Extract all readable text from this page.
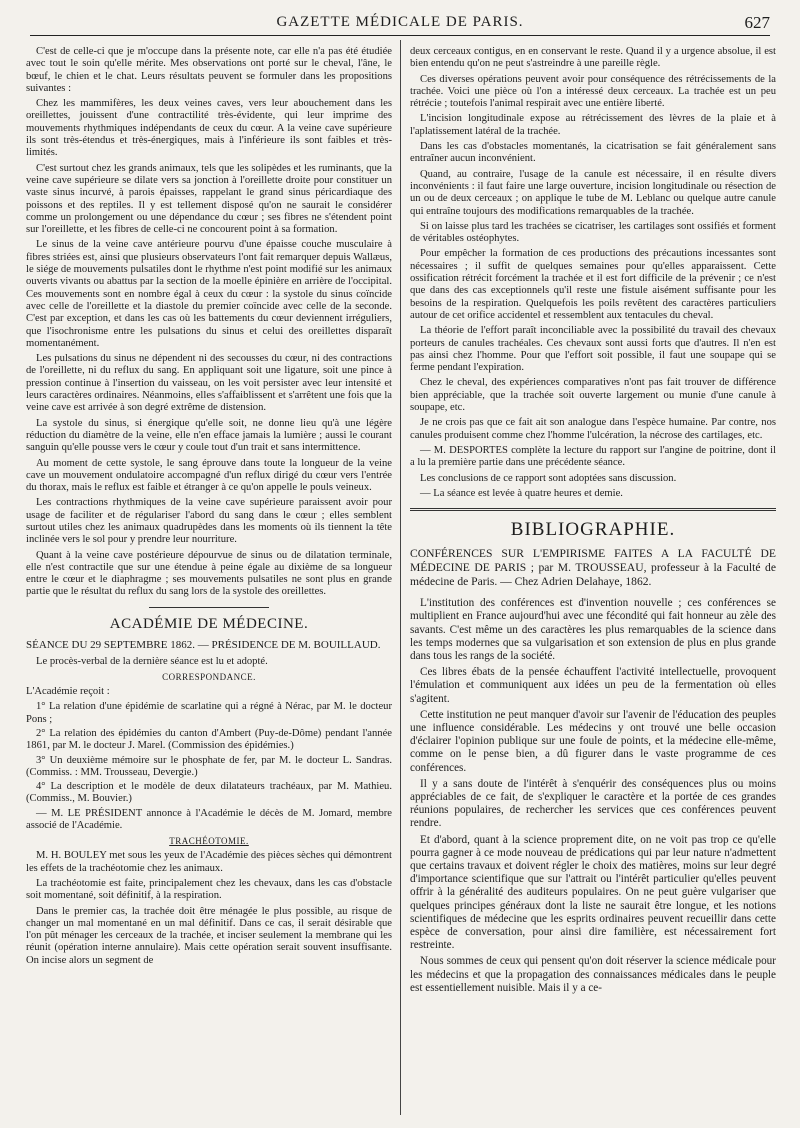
GAZETTE MÉDICALE DE PARIS.	627

C'est de celle-ci que je m'occupe dans la présente note, car elle n'a pas été étudiée avec tout le soin qu'elle mérite. Mes observations ont porté sur le cheval, l'âne, le bœuf, le chien et le chat. Leurs résultats peuvent se formuler dans les propositions suivantes :

Chez les mammifères, les deux veines caves, vers leur abouchement dans les oreillettes, jouissent d'une contractilité très-évidente, qui leur imprime des mouvements rhythmiques indépendants de ceux du cœur. A la veine cave supérieure ils sont très-étendus et très-énergiques, mais à l'inférieure ils sont faibles et très-limités.

C'est surtout chez les grands animaux, tels que les solipèdes et les ruminants, que la veine cave supérieure se dilate vers sa jonction à l'oreillette droite pour constituer un vaste sinus incurvé, à parois épaisses, rappelant le grand sinus péricardiaque des poissons et des reptiles. Il y est tellement disposé qu'on ne saurait le considérer comme un prolongement ou une dépendance du cœur ; ses fibres ne s'étendent point sur l'oreillette, et les fibres de celle-ci ne concourent point à sa formation.

Le sinus de la veine cave antérieure pourvu d'une épaisse couche musculaire à fibres striées est, ainsi que plusieurs observateurs l'ont fait remarquer depuis Wallæus, le siége de mouvements pulsatiles dont le rhythme n'est point modifié sur les animaux ouverts vivants ou abattus par la section de la moelle épinière en arrière de l'occipital. Ces mouvements sont en nombre égal à ceux du cœur : la systole du sinus coïncide avec celle de l'oreillette et la diastole du premier coïncide avec celle de la seconde. C'est par exception, et dans les cas où les battements du cœur deviennent irréguliers, que l'isochronisme entre les pulsations du sinus et celui des oreillettes disparaît momentanément.

Les pulsations du sinus ne dépendent ni des secousses du cœur, ni des contractions de l'oreillette, ni du reflux du sang. En appliquant soit une ligature, soit une pince à pression continue à l'insertion du vaisseau, on les voit persister avec leur intensité et leurs caractères ordinaires. Néanmoins, elles s'affaiblissent et s'arrêtent une fois que la veine cave est arrivée à son degré extrême de distension.

La systole du sinus, si énergique qu'elle soit, ne donne lieu qu'à une légère réduction du diamètre de la veine, elle n'en efface jamais la lumière ; aussi le courant sanguin qu'elle pousse vers le cœur y coule tout d'un trait et sans intermittence.

Au moment de cette systole, le sang éprouve dans toute la longueur de la veine cave un mouvement ondulatoire accompagné d'un reflux dirigé du cœur vers l'entrée du thorax, mais le reflux est faible et étranger à ce qu'on appelle le pouls veineux.

Les contractions rhythmiques de la veine cave supérieure paraissent avoir pour usage de faciliter et de régulariser l'abord du sang dans le cœur ; elles semblent surtout utiles chez les animaux quadrupèdes dans les moments où ils tiennent la tête inclinée vers le sol pour y prendre leur nourriture.

Quant à la veine cave postérieure dépourvue de sinus ou de dilatation terminale, elle n'est contractile que sur une étendue à peine égale au dixième de sa longueur entre le cœur et le diaphragme ; ses mouvements pulsatiles ne sont plus en grande partie que le résultat du reflux du sang lors de la systole des oreillettes.

ACADÉMIE DE MÉDECINE.
SÉANCE DU 29 SEPTEMBRE 1862. — PRÉSIDENCE DE M. BOUILLAUD.

Le procès-verbal de la dernière séance est lu et adopté.

CORRESPONDANCE.

L'Académie reçoit :

1° La relation d'une épidémie de scarlatine qui a régné à Nérac, par M. le docteur Pons ;

2° La relation des épidémies du canton d'Ambert (Puy-de-Dôme) pendant l'année 1861, par M. le docteur J. Marel. (Commission des épidémies.)

3° Un deuxième mémoire sur le phosphate de fer, par M. le docteur L. Sandras. (Commiss. : MM. Trousseau, Devergie.)

4° La description et le modèle de deux dilatateurs trachéaux, par M. Mathieu. (Commiss., M. Bouvier.)

— M. LE PRÉSIDENT annonce à l'Académie le décès de M. Jomard, membre associé de l'Académie.

TRACHÉOTOMIE.

M. H. BOULEY met sous les yeux de l'Académie des pièces sèches qui démontrent les effets de la trachéotomie chez les animaux.

La trachéotomie est faite, principalement chez les chevaux, dans les cas d'obstacle soit momentané, soit définitif, à la respiration.

Dans le premier cas, la trachée doit être ménagée le plus possible, au risque de changer un mal momentané en un mal définitif. Dans ce cas, il serait désirable que l'on pût ménager les cerceaux de la trachée, et inciser seulement la membrane qui les réunit (opération interne annulaire). Mais cette opération serait souvent insuffisante. On incise alors un segment de

deux cerceaux contigus, en en conservant le reste. Quand il y a urgence absolue, il est bien entendu qu'on ne peut s'astreindre à une pareille règle.

Ces diverses opérations peuvent avoir pour conséquence des rétrécissements de la trachée. Voici une pièce où l'on a intéressé deux cerceaux. La trachée est un peu rétrécie ; toutefois l'animal respirait avec une entière liberté.

L'incision longitudinale expose au rétrécissement des lèvres de la plaie et à l'aplatissement latéral de la trachée.

Dans les cas d'obstacles momentanés, la cicatrisation se fait généralement sans entraîner aucun inconvénient.

Quand, au contraire, l'usage de la canule est nécessaire, il en résulte divers inconvénients : il faut faire une large ouverture, incision longitudinale ou résection de un ou de deux cerceaux ; on applique le tube de M. Leblanc ou quelque autre canule qui entraîne toujours des modifications remarquables de la trachée.

Si on laisse plus tard les trachées se cicatriser, les cartilages sont ossifiés et forment de véritables ostéophytes.

Pour empêcher la formation de ces productions des précautions incessantes sont nécessaires ; il suffit de quelques semaines pour qu'elles apparaissent. Cette ossification rétrécit forcément la trachée et il est fort difficile de la prévenir ; ce n'est que dans des cas exceptionnels qu'il reste une fistule aisément suffisante pour les besoins de la respiration. Quelquefois les poils revêtent des caractères particuliers autour de cet orifice accidentel et ressemblent aux tentacules du cheval.

La théorie de l'effort paraît inconciliable avec la possibilité du travail des chevaux porteurs de canules trachéales. Ces chevaux sont aussi forts que d'autres. Il n'en est pas ainsi chez l'homme. Pour que l'effort soit possible, il faut une soupape qui se ferme pendant l'expiration.

Chez le cheval, des expériences comparatives n'ont pas fait trouver de différence bien appréciable, que la trachée soit ouverte largement ou munie d'une canule à soupape, etc.

Je ne crois pas que ce fait ait son analogue dans l'espèce humaine. Par contre, nos canules produisent comme chez l'homme l'ulcération, la nécrose des cartilages, etc.

— M. DESPORTES complète la lecture du rapport sur l'angine de poitrine, dont il a lu la première partie dans une précédente séance.

Les conclusions de ce rapport sont adoptées sans discussion.

— La séance est levée à quatre heures et demie.

BIBLIOGRAPHIE.
CONFÉRENCES SUR L'EMPIRISME FAITES A LA FACULTÉ DE MÉDECINE DE PARIS ; par M. TROUSSEAU, professeur à la Faculté de médecine de Paris. — Chez Adrien Delahaye, 1862.

L'institution des conférences est d'invention nouvelle ; ces conférences se multiplient en France aujourd'hui avec une fécondité qui fait honneur au zèle des savants. C'est même un des caractères les plus remarquables de la science dans les temps modernes que sa vulgarisation et son extension de plus en plus grande dans tous les rangs de la société.

Ces libres ébats de la pensée échauffent l'activité intellectuelle, provoquent l'émulation et communiquent aux idées un peu de la fermentation où elles s'agitent.

Cette institution ne peut manquer d'avoir sur l'avenir de l'éducation des peuples une influence considérable. Les médecins y ont trouvé une belle occasion d'éclairer l'opinion publique sur une foule de points, et la médecine elle-même, comme on le pense bien, a dû figurer dans le vaste programme de ces conférences.

Il y a sans doute de l'intérêt à s'enquérir des conséquences plus ou moins appréciables de ce fait, de s'expliquer le caractère et la portée de ces grandes réunions populaires, de rechercher les services que ces conférences peuvent rendre.

Et d'abord, quant à la science proprement dite, on ne voit pas trop ce qu'elle pourra gagner à ce mode nouveau de prédications qui par leur nature n'admettent que certains travaux et doivent régler le choix des matières, moins sur leur degré d'importance scientifique que sur l'attrait ou l'intérêt particulier qu'elles peuvent offrir à la généralité des auditeurs populaires. On ne peut guère vulgariser que quelques principes généraux dont la liste ne saurait être longue, et les notions scientifiques de médecine que les esprits ordinaires peuvent recueillir dans cette espèce de conversation, pour ainsi dire familière, est nécessairement fort restreinte.

Nous sommes de ceux qui pensent qu'on doit réserver la science médicale pour les médecins et que la propagation des connaissances médicales dans le peuple est essentiellement nuisible. Mais il y a ce-
